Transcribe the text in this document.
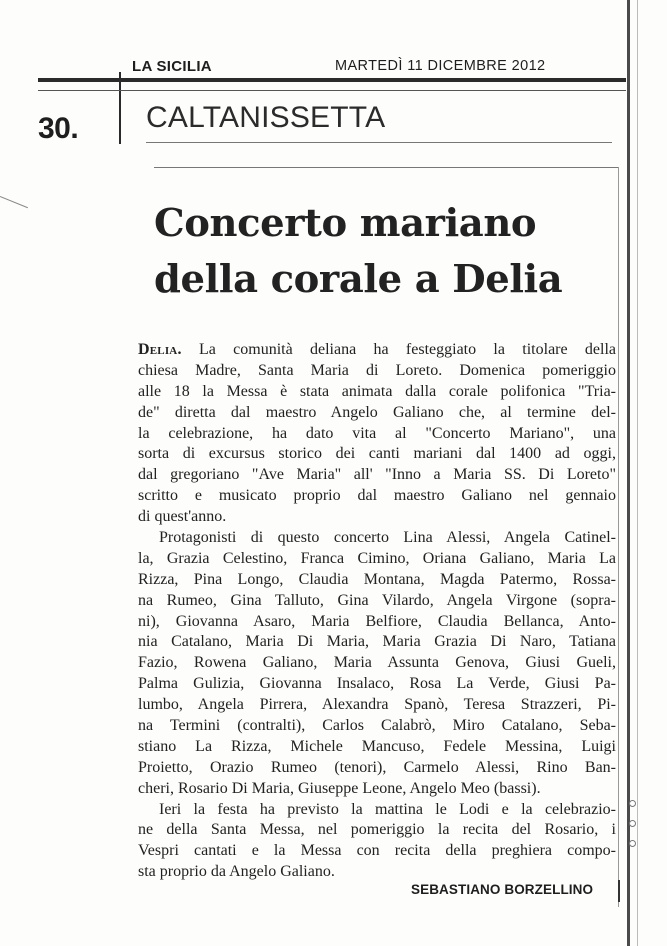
LA SICILIA	MARTEDÌ 11 DICEMBRE 2012
30. CALTANISSETTA
Concerto mariano
della corale a Delia
Delia. La comunità deliana ha festeggiato la titolare della
chiesa Madre, Santa Maria di Loreto. Domenica pomeriggio
alle 18 la Messa è stata animata dalla corale polifonica "Tria-
de" diretta dal maestro Angelo Galiano che, al termine del-
la celebrazione, ha dato vita al "Concerto Mariano", una
sorta di excursus storico dei canti mariani dal 1400 ad oggi,
dal gregoriano "Ave Maria" all' "Inno a Maria SS. Di Loreto"
scritto e musicato proprio dal maestro Galiano nel gennaio
di quest'anno.
Protagonisti di questo concerto Lina Alessi, Angela Catinel-
la, Grazia Celestino, Franca Cimino, Oriana Galiano, Maria La
Rizza, Pina Longo, Claudia Montana, Magda Patermo, Rossa-
na Rumeo, Gina Talluto, Gina Vilardo, Angela Virgone (sopra-
ni), Giovanna Asaro, Maria Belfiore, Claudia Bellanca, Anto-
nia Catalano, Maria Di Maria, Maria Grazia Di Naro, Tatiana
Fazio, Rowena Galiano, Maria Assunta Genova, Giusi Gueli,
Palma Gulizia, Giovanna Insalaco, Rosa La Verde, Giusi Pa-
lumbo, Angela Pirrera, Alexandra Spanò, Teresa Strazzeri, Pi-
na Termini (contralti), Carlos Calabrò, Miro Catalano, Seba-
stiano La Rizza, Michele Mancuso, Fedele Messina, Luigi
Proietto, Orazio Rumeo (tenori), Carmelo Alessi, Rino Ban-
cheri, Rosario Di Maria, Giuseppe Leone, Angelo Meo (bassi).
Ieri la festa ha previsto la mattina le Lodi e la celebrazio-
ne della Santa Messa, nel pomeriggio la recita del Rosario, i
Vespri cantati e la Messa con recita della preghiera compo-
sta proprio da Angelo Galiano.
SEBASTIANO BORZELLINO
